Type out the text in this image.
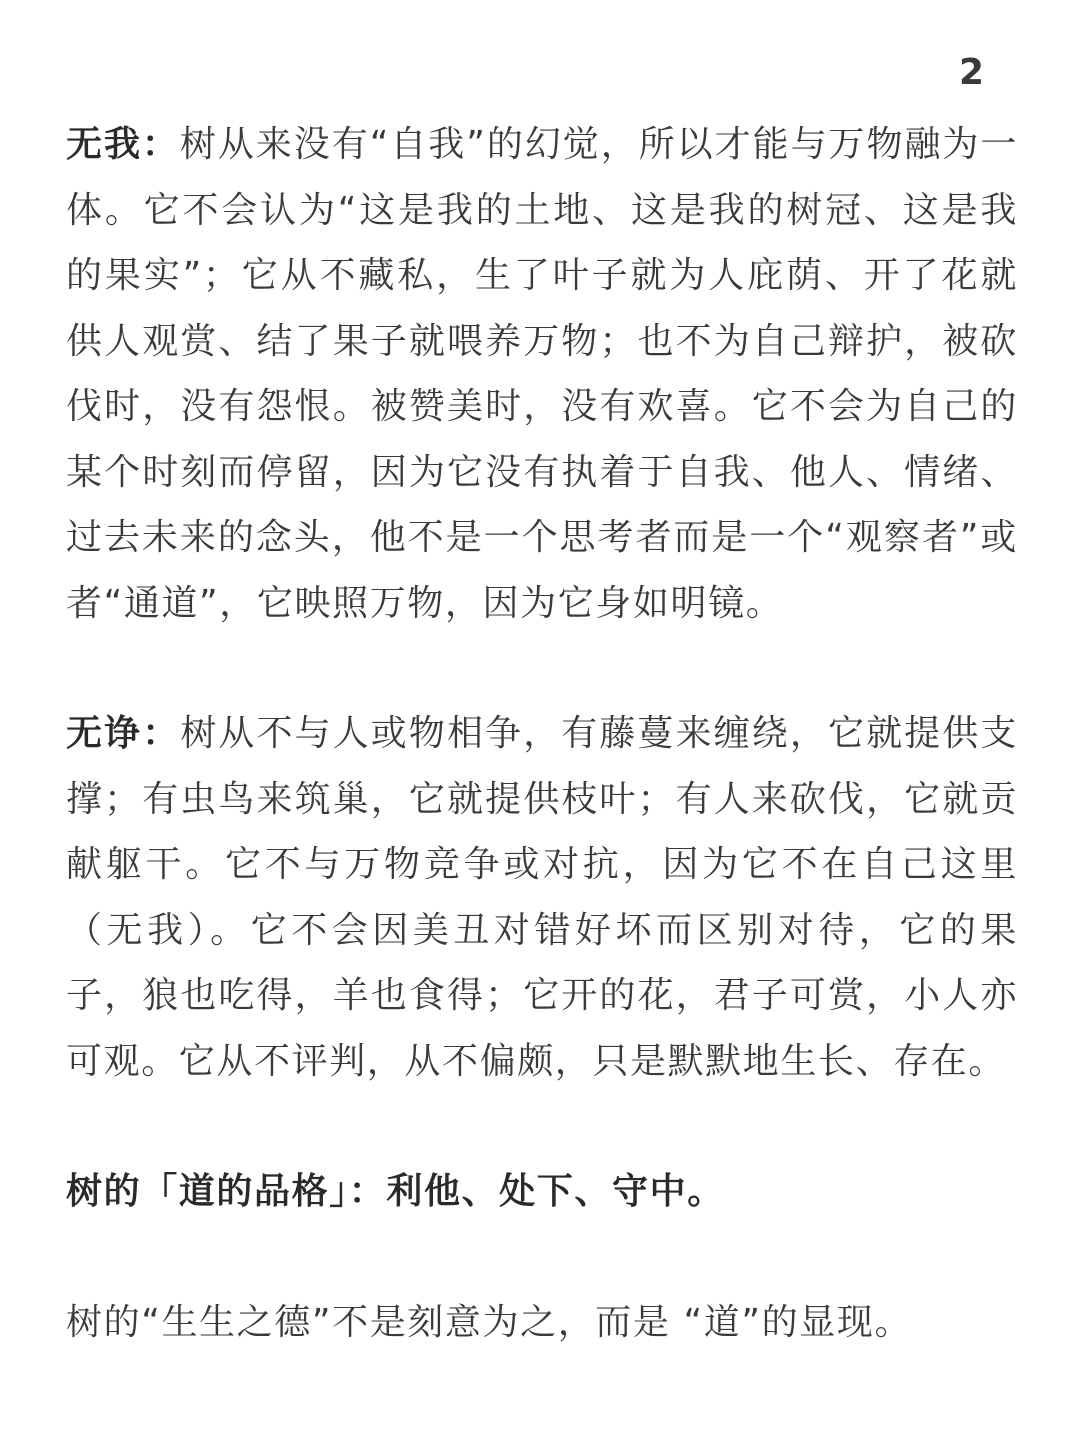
2

无我：树从来没有“自我”的幻觉，所以才能与万物融为一体。它不会认为“这是我的土地、这是我的树冠、这是我的果实”；它从不藏私，生了叶子就为人庇荫、开了花就供人观赏、结了果子就喂养万物；也不为自己辩护，被砍伐时，没有怨恨。被赞美时，没有欢喜。它不会为自己的某个时刻而停留，因为它没有执着于自我、他人、情绪、过去未来的念头，他不是一个思考者而是一个“观察者”或者“通道”，它映照万物，因为它身如明镜。

无诤：树从不与人或物相争，有藤蔓来缠绕，它就提供支撑；有虫鸟来筑巢，它就提供枝叶；有人来砍伐，它就贡献躯干。它不与万物竞争或对抗，因为它不在自己这里（无我）。它不会因美丑对错好坏而区别对待，它的果子，狼也吃得，羊也食得；它开的花，君子可赏，小人亦可观。它从不评判，从不偏颇，只是默默地生长、存在。

树的「道的品格」：利他、处下、守中。

树的“生生之德”不是刻意为之，而是 “道”的显现。
